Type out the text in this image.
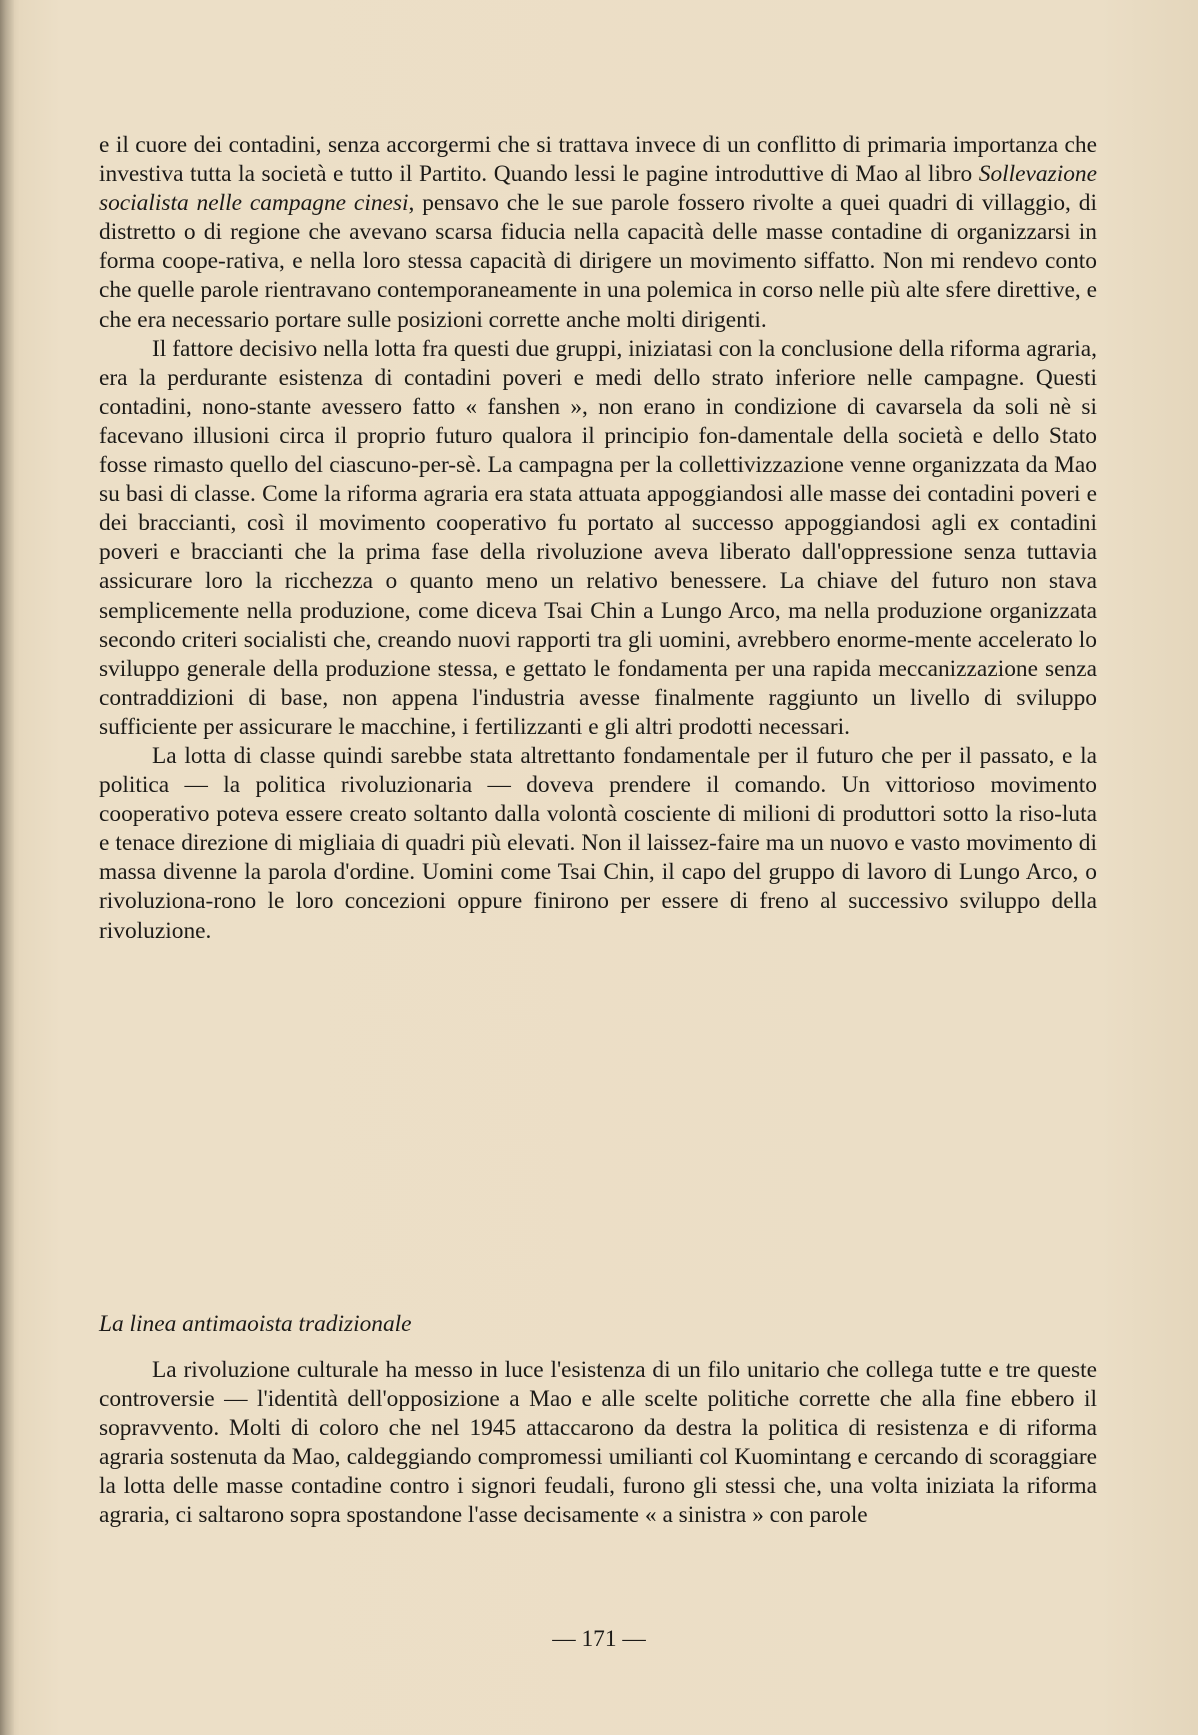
e il cuore dei contadini, senza accorgermi che si trattava invece di un conflitto di primaria importanza che investiva tutta la società e tutto il Partito. Quando lessi le pagine introduttive di Mao al libro Sollevazione socialista nelle campagne cinesi, pensavo che le sue parole fossero rivolte a quei quadri di villaggio, di distretto o di regione che avevano scarsa fiducia nella capacità delle masse contadine di organizzarsi in forma coope-rativa, e nella loro stessa capacità di dirigere un movimento siffatto. Non mi rendevo conto che quelle parole rientravano contemporaneamente in una polemica in corso nelle più alte sfere direttive, e che era necessario portare sulle posizioni corrette anche molti dirigenti.

Il fattore decisivo nella lotta fra questi due gruppi, iniziatasi con la conclusione della riforma agraria, era la perdurante esistenza di contadini poveri e medi dello strato inferiore nelle campagne. Questi contadini, nono-stante avessero fatto « fanshen », non erano in condizione di cavarsela da soli nè si facevano illusioni circa il proprio futuro qualora il principio fon-damentale della società e dello Stato fosse rimasto quello del ciascuno-per-sè. La campagna per la collettivizzazione venne organizzata da Mao su basi di classe. Come la riforma agraria era stata attuata appoggiandosi alle masse dei contadini poveri e dei braccianti, così il movimento cooperativo fu portato al successo appoggiandosi agli ex contadini poveri e braccianti che la prima fase della rivoluzione aveva liberato dall'oppressione senza tuttavia assicurare loro la ricchezza o quanto meno un relativo benessere. La chiave del futuro non stava semplicemente nella produzione, come diceva Tsai Chin a Lungo Arco, ma nella produzione organizzata secondo criteri socialisti che, creando nuovi rapporti tra gli uomini, avrebbero enorme-mente accelerato lo sviluppo generale della produzione stessa, e gettato le fondamenta per una rapida meccanizzazione senza contraddizioni di base, non appena l'industria avesse finalmente raggiunto un livello di sviluppo sufficiente per assicurare le macchine, i fertilizzanti e gli altri prodotti necessari.

La lotta di classe quindi sarebbe stata altrettanto fondamentale per il futuro che per il passato, e la politica — la politica rivoluzionaria — doveva prendere il comando. Un vittorioso movimento cooperativo poteva essere creato soltanto dalla volontà cosciente di milioni di produttori sotto la riso-luta e tenace direzione di migliaia di quadri più elevati. Non il laissez-faire ma un nuovo e vasto movimento di massa divenne la parola d'ordine. Uomini come Tsai Chin, il capo del gruppo di lavoro di Lungo Arco, o rivoluziona-rono le loro concezioni oppure finirono per essere di freno al successivo sviluppo della rivoluzione.

La linea antimaoista tradizionale

La rivoluzione culturale ha messo in luce l'esistenza di un filo unitario che collega tutte e tre queste controversie — l'identità dell'opposizione a Mao e alle scelte politiche corrette che alla fine ebbero il sopravvento. Molti di coloro che nel 1945 attaccarono da destra la politica di resistenza e di riforma agraria sostenuta da Mao, caldeggiando compromessi umilianti col Kuomintang e cercando di scoraggiare la lotta delle masse contadine contro i signori feudali, furono gli stessi che, una volta iniziata la riforma agraria, ci saltarono sopra spostandone l'asse decisamente « a sinistra » con parole

— 171 —
